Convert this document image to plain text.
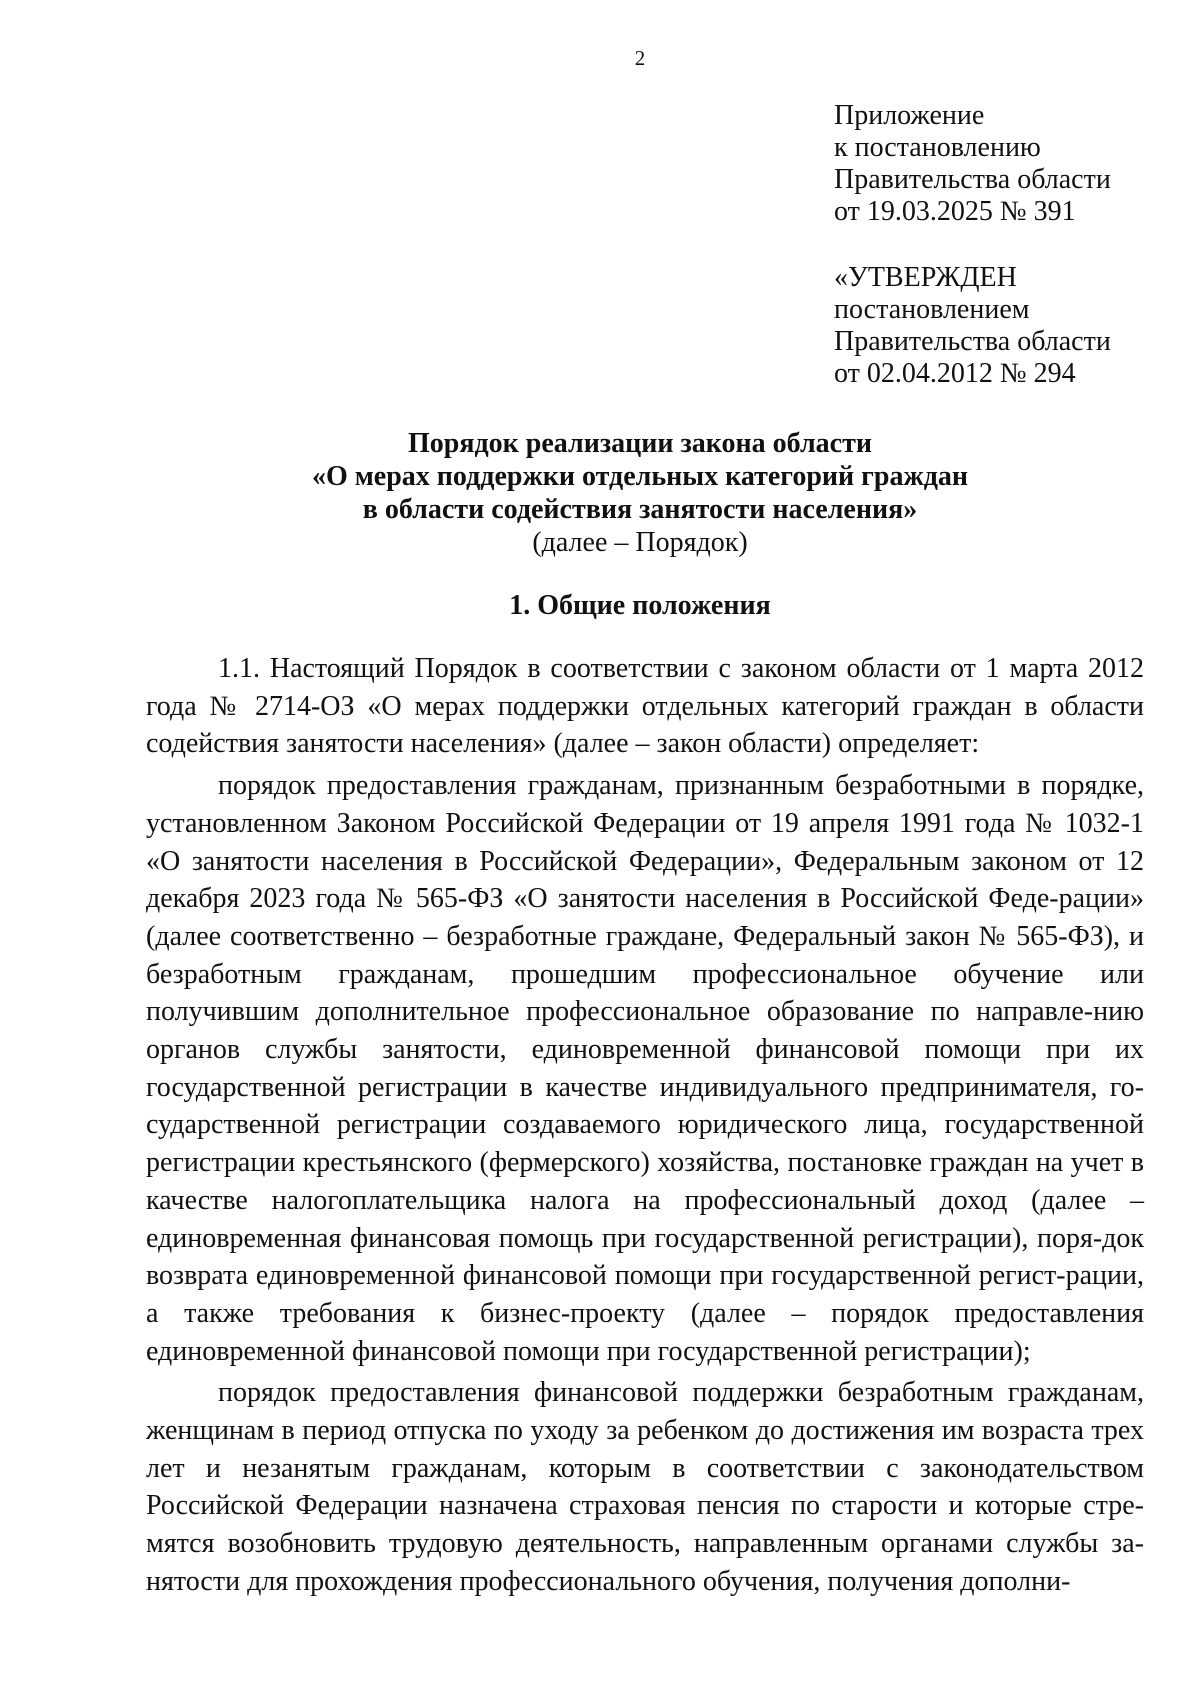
2
Приложение
к постановлению
Правительства области
от 19.03.2025 № 391
«УТВЕРЖДЕН
постановлением
Правительства области
от 02.04.2012 № 294
Порядок реализации закона области
«О мерах поддержки отдельных категорий граждан
в области содействия занятости населения»
(далее – Порядок)
1. Общие положения

1.1. Настоящий Порядок в соответствии с законом области от 1 марта 2012 года № 2714-ОЗ «О мерах поддержки отдельных категорий граждан в области содействия занятости населения» (далее – закон области) определяет:

порядок предоставления гражданам, признанным безработными в порядке, установленном Законом Российской Федерации от 19 апреля 1991 года № 1032-1 «О занятости населения в Российской Федерации», Федеральным законом от 12 декабря 2023 года № 565-ФЗ «О занятости населения в Российской Феде-рации» (далее соответственно – безработные граждане, Федеральный закон № 565-ФЗ), и безработным гражданам, прошедшим профессиональное обучение или получившим дополнительное профессиональное образование по направле-нию органов службы занятости, единовременной финансовой помощи при их государственной регистрации в качестве индивидуального предпринимателя, го-сударственной регистрации создаваемого юридического лица, государственной регистрации крестьянского (фермерского) хозяйства, постановке граждан на учет в качестве налогоплательщика налога на профессиональный доход (далее – единовременная финансовая помощь при государственной регистрации), поря-док возврата единовременной финансовой помощи при государственной регист-рации, а также требования к бизнес-проекту (далее – порядок предоставления единовременной финансовой помощи при государственной регистрации);

порядок предоставления финансовой поддержки безработным гражданам, женщинам в период отпуска по уходу за ребенком до достижения им возраста трех лет и незанятым гражданам, которым в соответствии с законодательством Российской Федерации назначена страховая пенсия по старости и которые стре-мятся возобновить трудовую деятельность, направленным органами службы за-нятости для прохождения профессионального обучения, получения дополни-
